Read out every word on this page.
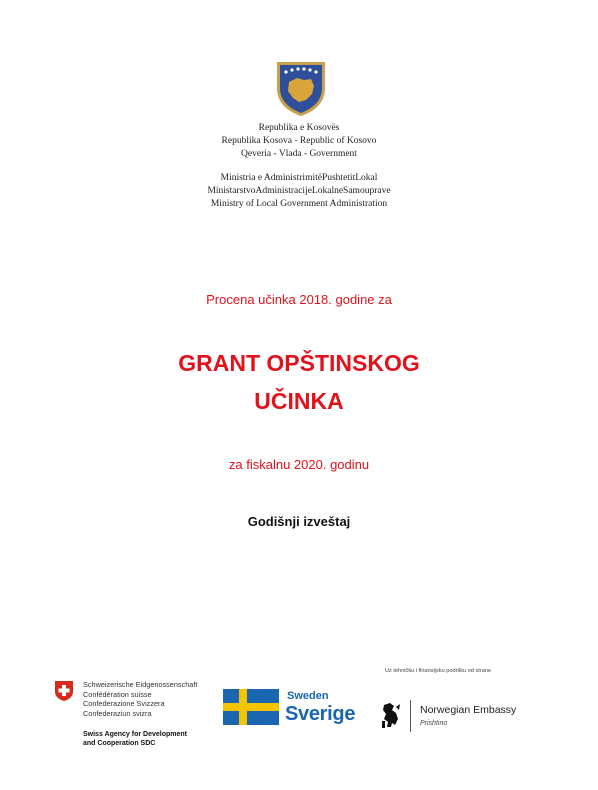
Republika e Kosovës
Republika Kosova - Republic of Kosovo
Qeveria - Vlada - Government
Ministria e AdministrimitëPushtetitLokal
MinistarstvoAdministracijeLokalneSamouprave
Ministry of Local Government Administration
Procena učinka 2018. godine za
GRANT OPŠTINSKOG
UČINKA
za fiskalnu 2020. godinu
Godišnji izveštaj
Schweizerische Eidgenossenschaft
Confédération suisse
Confederazione Svizzera
Confederaziun svizra
Swiss Agency for Development
and Cooperation SDC
Sweden
Sverige
Uz tehničku i finansijsku podršku od strane
Norwegian Embassy
Prishtino
